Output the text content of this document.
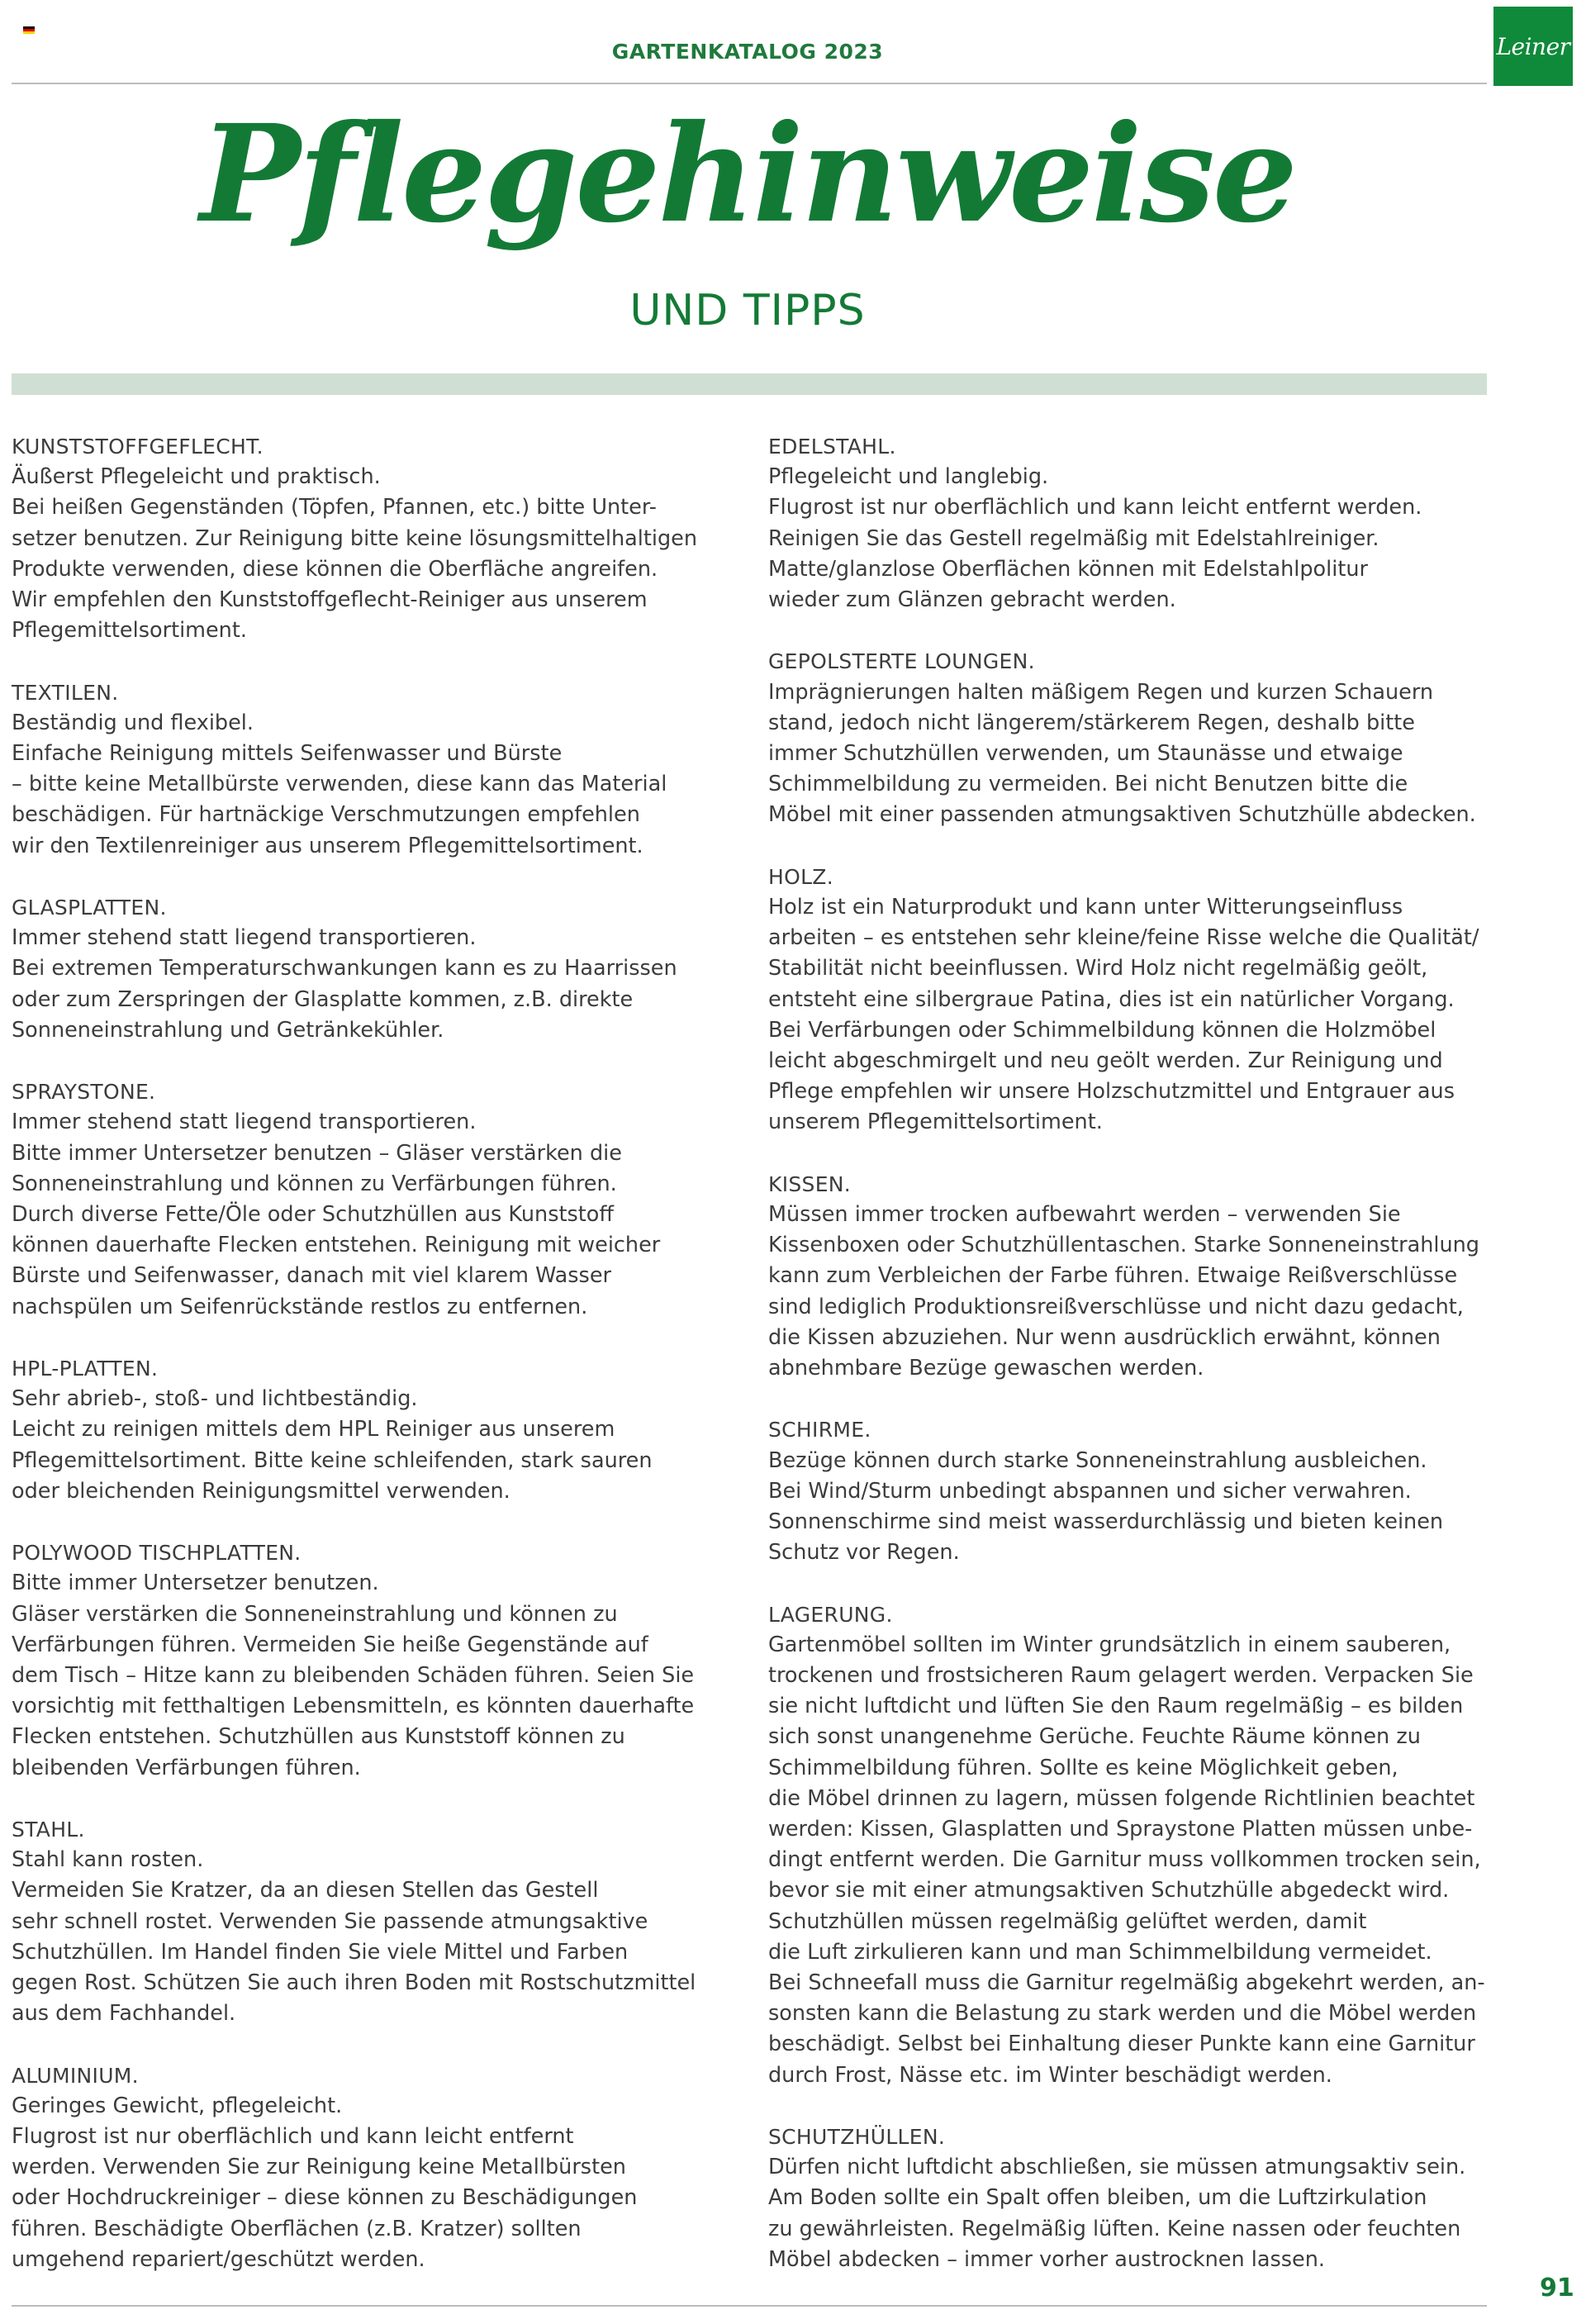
GARTENKATALOG 2023	Leiner
Pflegehinweise
UND TIPPS
KUNSTSTOFFGEFLECHT.
Äußerst Pflegeleicht und praktisch.
Bei heißen Gegenständen (Töpfen, Pfannen, etc.) bitte Unter-
setzer benutzen. Zur Reinigung bitte keine lösungsmittelhaltigen
Produkte verwenden, diese können die Oberfläche angreifen.
Wir empfehlen den Kunststoffgeflecht-Reiniger aus unserem
Pflegemittelsortiment.
TEXTILEN.
Beständig und flexibel.
Einfache Reinigung mittels Seifenwasser und Bürste
– bitte keine Metallbürste verwenden, diese kann das Material
beschädigen. Für hartnäckige Verschmutzungen empfehlen
wir den Textilenreiniger aus unserem Pflegemittelsortiment.
GLASPLATTEN.
Immer stehend statt liegend transportieren.
Bei extremen Temperaturschwankungen kann es zu Haarrissen
oder zum Zerspringen der Glasplatte kommen, z.B. direkte
Sonneneinstrahlung und Getränkekühler.
SPRAYSTONE.
Immer stehend statt liegend transportieren.
Bitte immer Untersetzer benutzen – Gläser verstärken die
Sonneneinstrahlung und können zu Verfärbungen führen.
Durch diverse Fette/Öle oder Schutzhüllen aus Kunststoff
können dauerhafte Flecken entstehen. Reinigung mit weicher
Bürste und Seifenwasser, danach mit viel klarem Wasser
nachspülen um Seifenrückstände restlos zu entfernen.
HPL-PLATTEN.
Sehr abrieb-, stoß- und lichtbeständig.
Leicht zu reinigen mittels dem HPL Reiniger aus unserem
Pflegemittelsortiment. Bitte keine schleifenden, stark sauren
oder bleichenden Reinigungsmittel verwenden.
POLYWOOD TISCHPLATTEN.
Bitte immer Untersetzer benutzen.
Gläser verstärken die Sonneneinstrahlung und können zu
Verfärbungen führen. Vermeiden Sie heiße Gegenstände auf
dem Tisch – Hitze kann zu bleibenden Schäden führen. Seien Sie
vorsichtig mit fetthaltigen Lebensmitteln, es könnten dauerhafte
Flecken entstehen. Schutzhüllen aus Kunststoff können zu
bleibenden Verfärbungen führen.
STAHL.
Stahl kann rosten.
Vermeiden Sie Kratzer, da an diesen Stellen das Gestell
sehr schnell rostet. Verwenden Sie passende atmungsaktive
Schutzhüllen. Im Handel finden Sie viele Mittel und Farben
gegen Rost. Schützen Sie auch ihren Boden mit Rostschutzmittel
aus dem Fachhandel.
ALUMINIUM.
Geringes Gewicht, pflegeleicht.
Flugrost ist nur oberflächlich und kann leicht entfernt
werden. Verwenden Sie zur Reinigung keine Metallbürsten
oder Hochdruckreiniger – diese können zu Beschädigungen
führen. Beschädigte Oberflächen (z.B. Kratzer) sollten
umgehend repariert/geschützt werden.
EDELSTAHL.
Pflegeleicht und langlebig.
Flugrost ist nur oberflächlich und kann leicht entfernt werden.
Reinigen Sie das Gestell regelmäßig mit Edelstahlreiniger.
Matte/glanzlose Oberflächen können mit Edelstahlpolitur
wieder zum Glänzen gebracht werden.
GEPOLSTERTE LOUNGEN.
Imprägnierungen halten mäßigem Regen und kurzen Schauern
stand, jedoch nicht längerem/stärkerem Regen, deshalb bitte
immer Schutzhüllen verwenden, um Staunässe und etwaige
Schimmelbildung zu vermeiden. Bei nicht Benutzen bitte die
Möbel mit einer passenden atmungsaktiven Schutzhülle abdecken.
HOLZ.
Holz ist ein Naturprodukt und kann unter Witterungseinfluss
arbeiten – es entstehen sehr kleine/feine Risse welche die Qualität/
Stabilität nicht beeinflussen. Wird Holz nicht regelmäßig geölt,
entsteht eine silbergraue Patina, dies ist ein natürlicher Vorgang.
Bei Verfärbungen oder Schimmelbildung können die Holzmöbel
leicht abgeschmirgelt und neu geölt werden. Zur Reinigung und
Pflege empfehlen wir unsere Holzschutzmittel und Entgrauer aus
unserem Pflegemittelsortiment.
KISSEN.
Müssen immer trocken aufbewahrt werden – verwenden Sie
Kissenboxen oder Schutzhüllentaschen. Starke Sonneneinstrahlung
kann zum Verbleichen der Farbe führen. Etwaige Reißverschlüsse
sind lediglich Produktionsreißverschlüsse und nicht dazu gedacht,
die Kissen abzuziehen. Nur wenn ausdrücklich erwähnt, können
abnehmbare Bezüge gewaschen werden.
SCHIRME.
Bezüge können durch starke Sonneneinstrahlung ausbleichen.
Bei Wind/Sturm unbedingt abspannen und sicher verwahren.
Sonnenschirme sind meist wasserdurchlässig und bieten keinen
Schutz vor Regen.
LAGERUNG.
Gartenmöbel sollten im Winter grundsätzlich in einem sauberen,
trockenen und frostsicheren Raum gelagert werden. Verpacken Sie
sie nicht luftdicht und lüften Sie den Raum regelmäßig – es bilden
sich sonst unangenehme Gerüche. Feuchte Räume können zu
Schimmelbildung führen. Sollte es keine Möglichkeit geben,
die Möbel drinnen zu lagern, müssen folgende Richtlinien beachtet
werden: Kissen, Glasplatten und Spraystone Platten müssen unbe-
dingt entfernt werden. Die Garnitur muss vollkommen trocken sein,
bevor sie mit einer atmungsaktiven Schutzhülle abgedeckt wird.
Schutzhüllen müssen regelmäßig gelüftet werden, damit
die Luft zirkulieren kann und man Schimmelbildung vermeidet.
Bei Schneefall muss die Garnitur regelmäßig abgekehrt werden, an-
sonsten kann die Belastung zu stark werden und die Möbel werden
beschädigt. Selbst bei Einhaltung dieser Punkte kann eine Garnitur
durch Frost, Nässe etc. im Winter beschädigt werden.
SCHUTZHÜLLEN.
Dürfen nicht luftdicht abschließen, sie müssen atmungsaktiv sein.
Am Boden sollte ein Spalt offen bleiben, um die Luftzirkulation
zu gewährleisten. Regelmäßig lüften. Keine nassen oder feuchten
Möbel abdecken – immer vorher austrocknen lassen.
91
